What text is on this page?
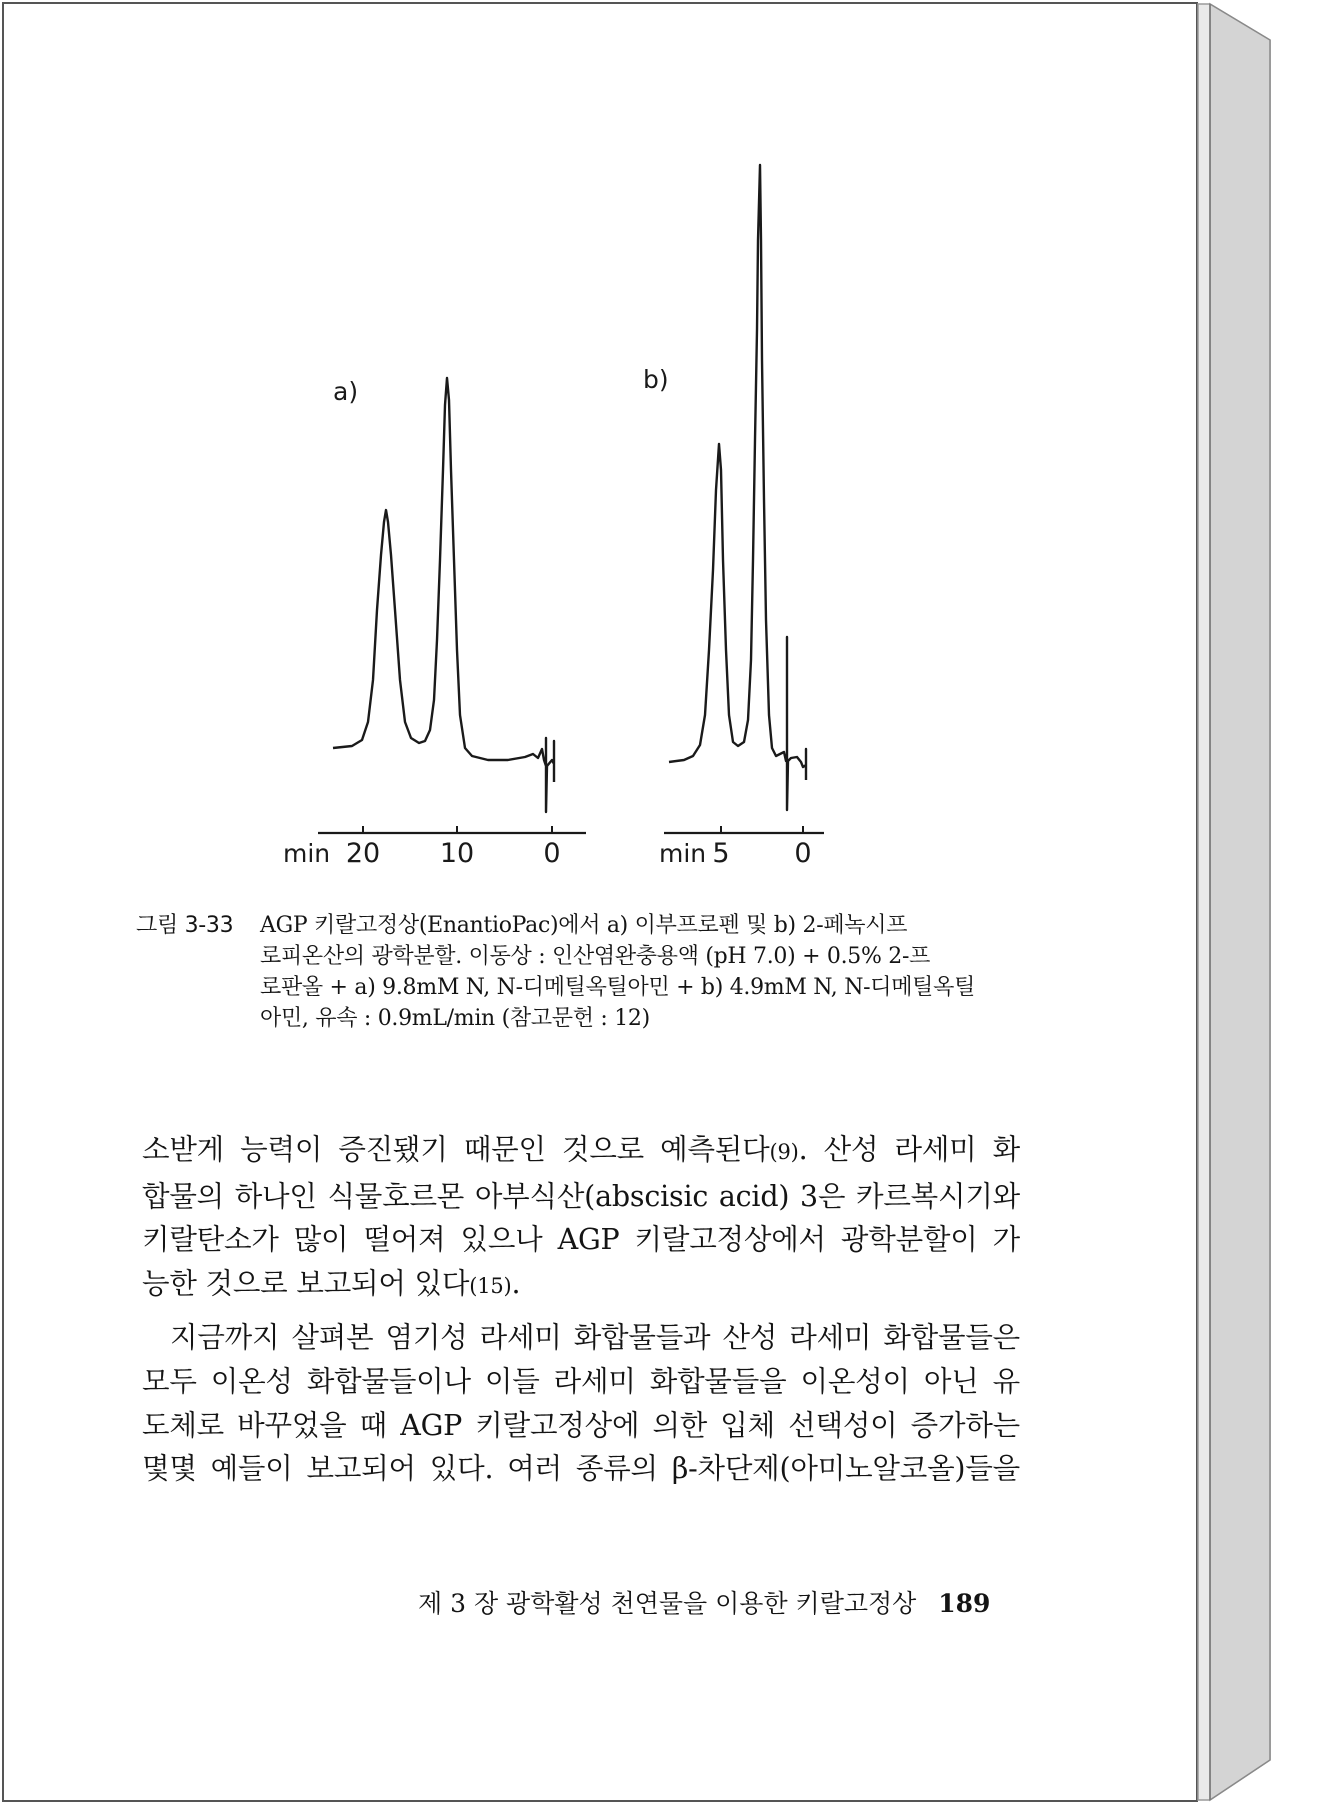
a)	b)
min 20 10	0	min 5 0
그림 3-33	AGP 키랄고정상(EnantioPac)에서 a) 이부프로펜 및 b) 2-페녹시프
로피온산의 광학분할. 이동상 : 인산염완충용액 (pH 7.0) + 0.5% 2-프
로판올 + a) 9.8mM N, N-디메틸옥틸아민 + b) 4.9mM N, N-디메틸옥틸
아민, 유속 : 0.9mL/min (참고문헌 : 12)
소받게 능력이 증진됐기 때문인 것으로 예측된다(9). 산성 라세미 화
합물의 하나인 식물호르몬 아부식산(abscisic acid) 3은 카르복시기와
키랄탄소가 많이 떨어져 있으나 AGP 키랄고정상에서 광학분할이 가
능한 것으로 보고되어 있다(15).
지금까지 살펴본 염기성 라세미 화합물들과 산성 라세미 화합물들은
모두 이온성 화합물들이나 이들 라세미 화합물들을 이온성이 아닌 유
도체로 바꾸었을 때 AGP 키랄고정상에 의한 입체 선택성이 증가하는
몇몇 예들이 보고되어 있다. 여러 종류의 β-차단제(아미노알코올)들을
제 3 장 광학활성 천연물을 이용한 키랄고정상 189
